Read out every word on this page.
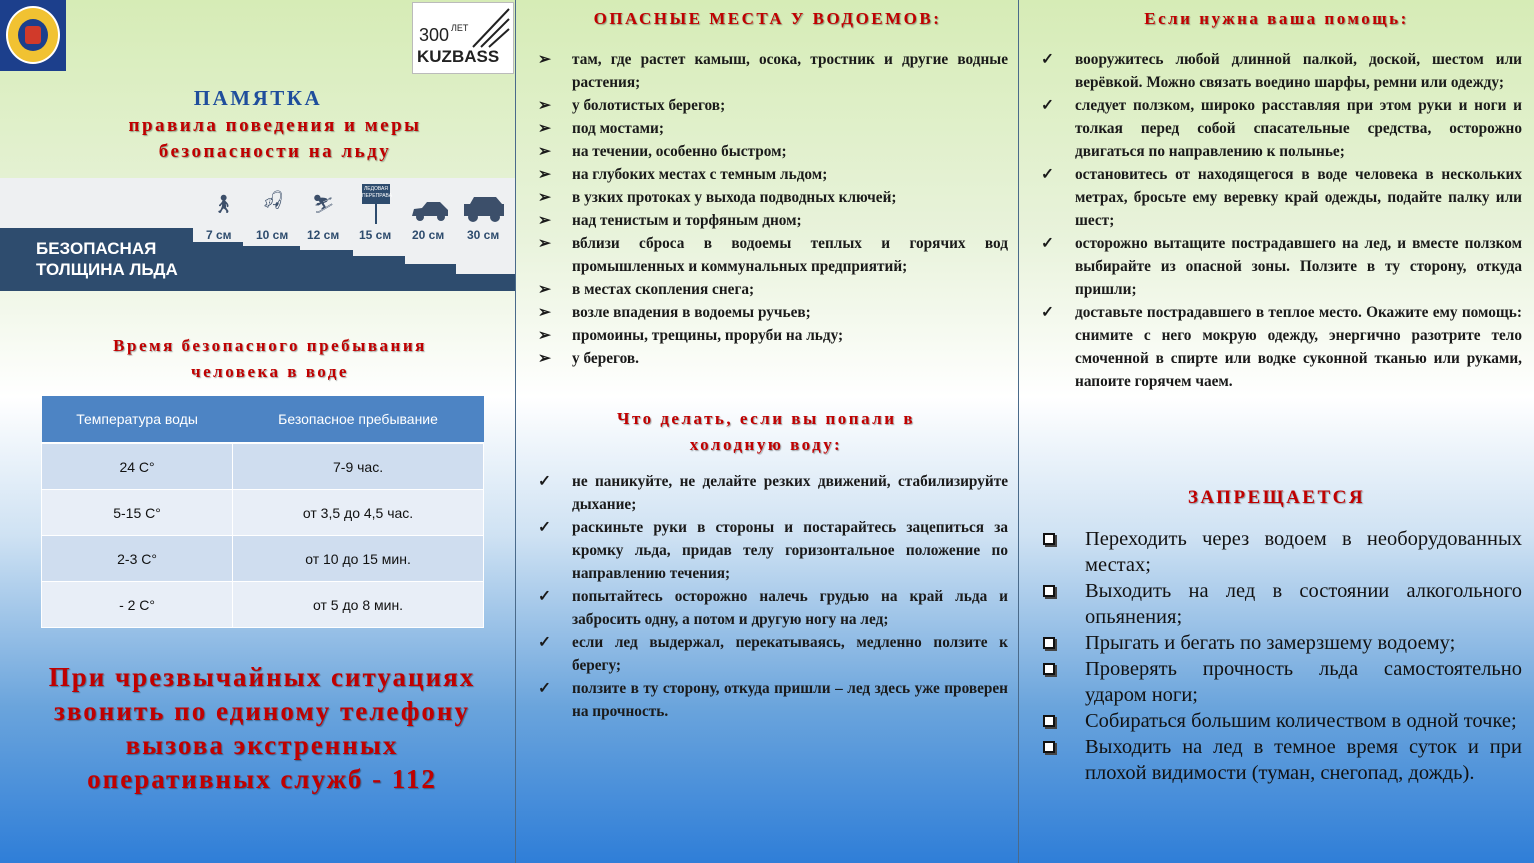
300 ЛЕТ
KUZBASS
ПАМЯТКА
правила поведения и меры
безопасности на льду
БЕЗОПАСНАЯ
ТОЛЩИНА ЛЬДА
🚶︎ 🎣︎ ⛷︎
ЛЕДОВАЯ
ПЕРЕПРАВА
7 см 10 см 12 см 15 см 20 см 30 см
Время безопасного пребывания
человека в воде
Температура воды	Безопасное пребывание
24 С°	7-9 час.
5-15 С°	от 3,5 до 4,5 час.
2-3 С°	от 10 до 15 мин.
- 2 С°	от 5 до 8 мин.
При чрезвычайных ситуациях
звонить по единому телефону
вызова экстренных
оперативных служб - 112
ОПАСНЫЕ МЕСТА У ВОДОЕМОВ:
➢ там, где растет камыш, осока, тростник и другие водные растения;
➢ у болотистых берегов;
➢ под мостами;
➢ на течении, особенно быстром;
➢ на глубоких местах с темным льдом;
➢ в узких протоках у выхода подводных ключей;
➢ над тенистым и торфяным дном;
➢ вблизи сброса в водоемы теплых и горячих вод промышленных и коммунальных предприятий;
➢ в местах скопления снега;
➢ возле впадения в водоемы ручьев;
➢ промоины, трещины, проруби на льду;
➢ у берегов.
Что делать, если вы попали в
холодную воду:
✓ не паникуйте, не делайте резких движений, стабилизируйте дыхание;
✓ раскиньте руки в стороны и постарайтесь зацепиться за кромку льда, придав телу горизонтальное положение по направлению течения;
✓ попытайтесь осторожно налечь грудью на край льда и забросить одну, а потом и другую ногу на лед;
✓ если лед выдержал, перекатываясь, медленно ползите к берегу;
✓ ползите в ту сторону, откуда пришли – лед здесь уже проверен на прочность.
Если нужна ваша помощь:
✓ вооружитесь любой длинной палкой, доской, шестом или верёвкой. Можно связать воедино шарфы, ремни или одежду;
✓ следует ползком, широко расставляя при этом руки и ноги и толкая перед собой спасательные средства, осторожно двигаться по направлению к полынье;
✓ остановитесь от находящегося в воде человека в нескольких метрах, бросьте ему веревку край одежды, подайте палку или шест;
✓ осторожно вытащите пострадавшего на лед, и вместе ползком выбирайте из опасной зоны. Ползите в ту сторону, откуда пришли;
✓ доставьте пострадавшего в теплое место. Окажите ему помощь: снимите с него мокрую одежду, энергично разотрите тело смоченной в спирте или водке суконной тканью или руками, напоите горячем чаем.
ЗАПРЕЩАЕТСЯ
Переходить через водоем в необорудованных местах;
Выходить на лед в состоянии алкогольного опьянения;
Прыгать и бегать по замерзшему водоему;
Проверять прочность льда самостоятельно ударом ноги;
Собираться большим количеством в одной точке;
Выходить на лед в темное время суток и при плохой видимости (туман, снегопад, дождь).
